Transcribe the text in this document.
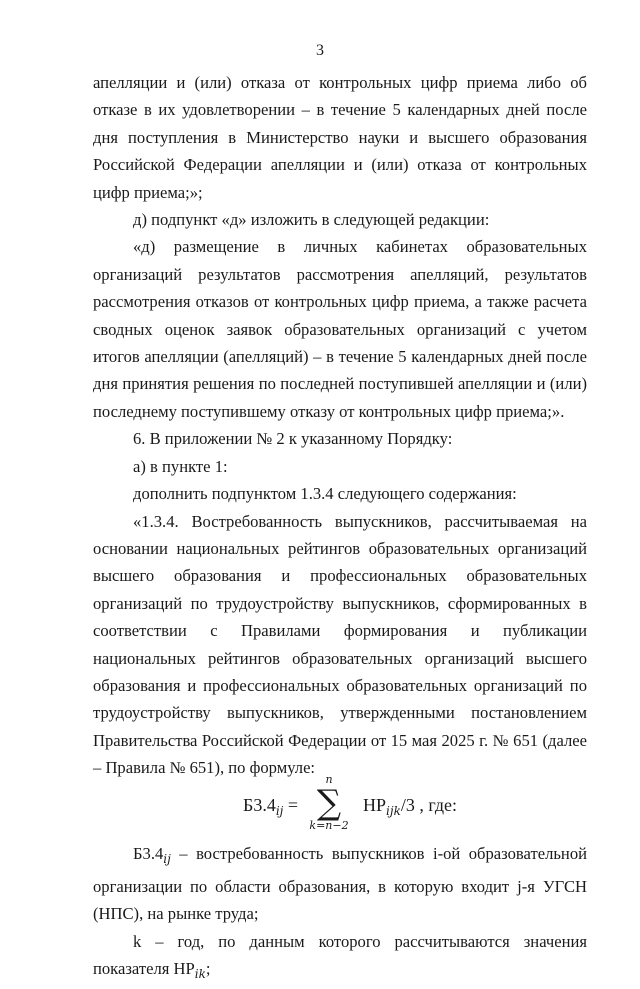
3

апелляции и (или) отказа от контрольных цифр приема либо об отказе в их удовлетворении – в течение 5 календарных дней после дня поступления в Министерство науки и высшего образования Российской Федерации апелляции и (или) отказа от контрольных цифр приема;»;

д) подпункт «д» изложить в следующей редакции:

«д) размещение в личных кабинетах образовательных организаций результатов рассмотрения апелляций, результатов рассмотрения отказов от контрольных цифр приема, а также расчета сводных оценок заявок образовательных организаций с учетом итогов апелляции (апелляций) – в течение 5 календарных дней после дня принятия решения по последней поступившей апелляции и (или) последнему поступившему отказу от контрольных цифр приема;».

6. В приложении № 2 к указанному Порядку:

а) в пункте 1:

дополнить подпунктом 1.3.4 следующего содержания:

«1.3.4. Востребованность выпускников, рассчитываемая на основании национальных рейтингов образовательных организаций высшего образования и профессиональных образовательных организаций по трудоустройству выпускников, сформированных в соответствии с Правилами формирования и публикации национальных рейтингов образовательных организаций высшего образования и профессиональных образовательных организаций по трудоустройству выпускников, утвержденными постановлением Правительства Российской Федерации от 15 мая 2025 г. № 651 (далее – Правила № 651), по формуле:

$Б3.4_{ij}$ =
n
∑
k=n−2
$НР_{ijk}/3$ , где:

$Б3.4_{ij}$ – востребованность выпускников i-ой образовательной организации по области образования, в которую входит j-я УГСН (НПС), на рынке труда;

k – год, по данным которого рассчитываются значения показателя $НР_{ik}$;
